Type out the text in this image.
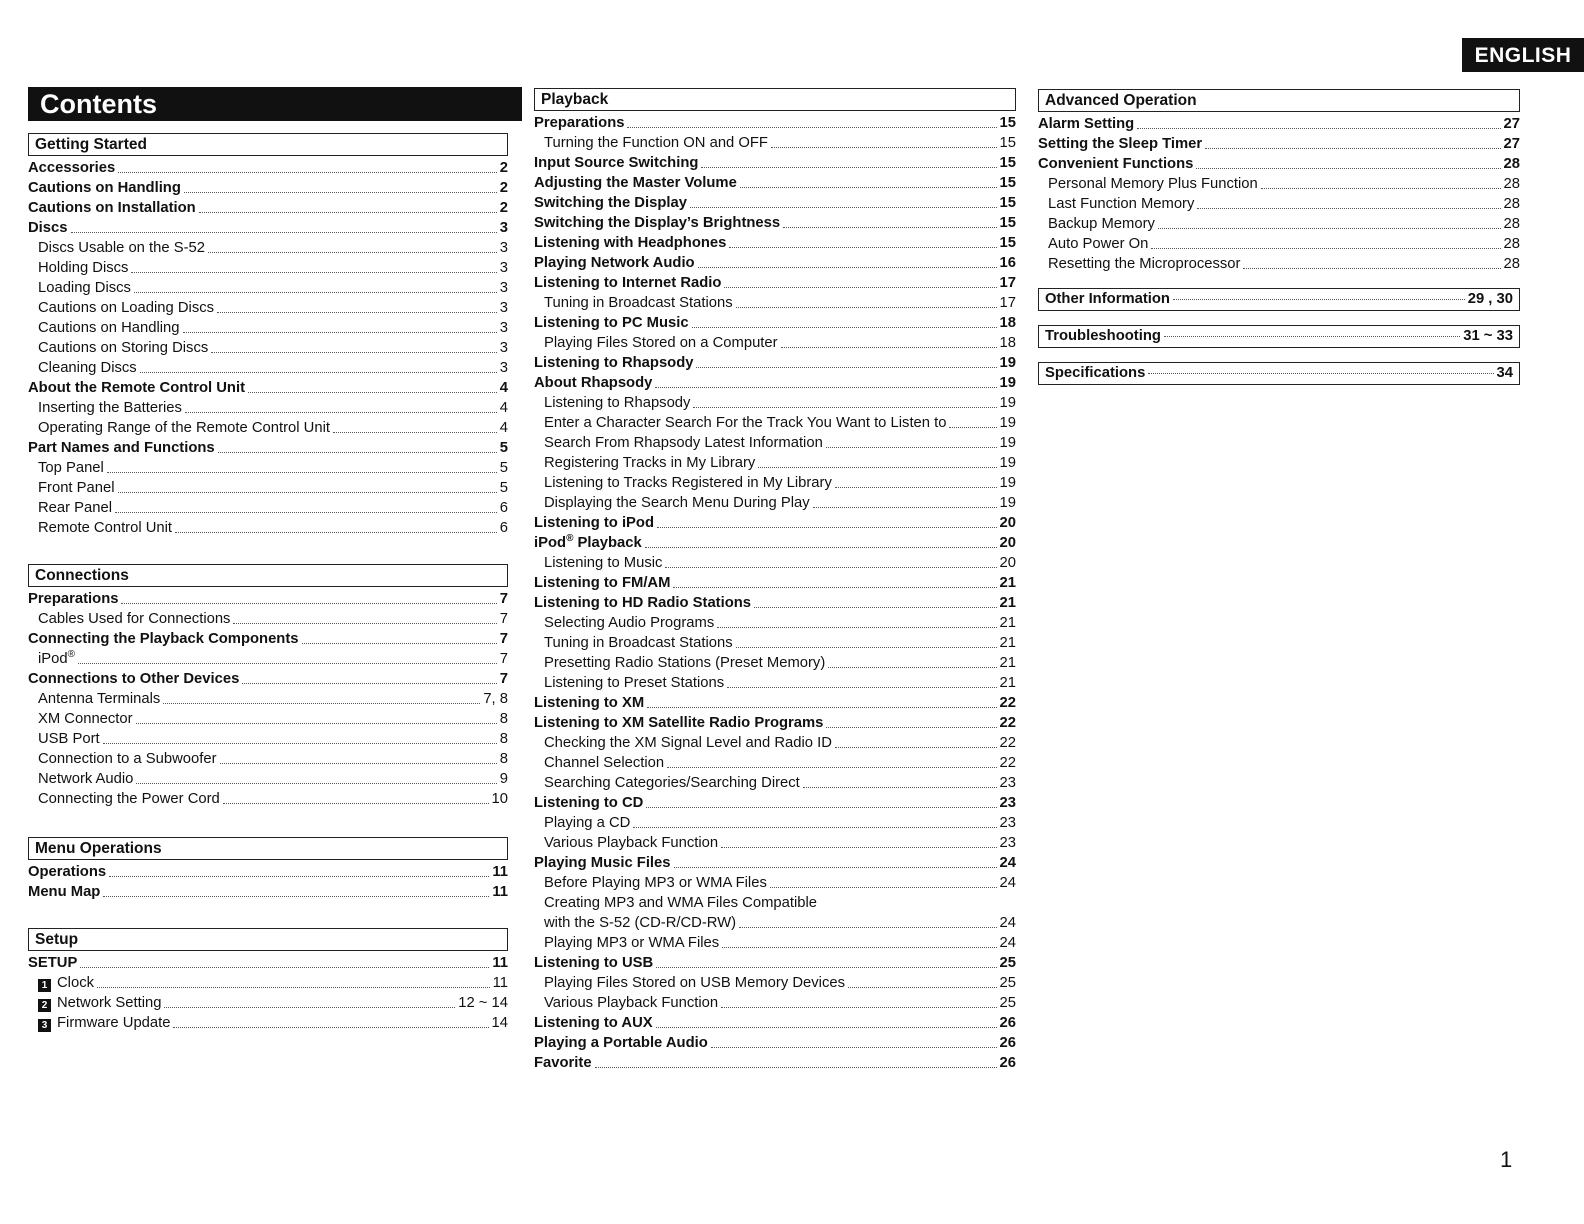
ENGLISH
Contents
Getting Started
Accessories	2
Cautions on Handling	2
Cautions on Installation	2
Discs	3
Discs Usable on the S-52	3
Holding Discs	3
Loading Discs	3
Cautions on Loading Discs	3
Cautions on Handling	3
Cautions on Storing Discs	3
Cleaning Discs	3
About the Remote Control Unit	4
Inserting the Batteries	4
Operating Range of the Remote Control Unit	4
Part Names and Functions	5
Top Panel	5
Front Panel	5
Rear Panel	6
Remote Control Unit	6
Connections
Preparations	7
Cables Used for Connections	7
Connecting the Playback Components	7
iPod®	7
Connections to Other Devices	7
Antenna Terminals	7, 8
XM Connector	8
USB Port	8
Connection to a Subwoofer	8
Network Audio	9
Connecting the Power Cord	10
Menu Operations
Operations	11
Menu Map	11
Setup
SETUP	11
1 Clock	11
2 Network Setting	12 ~ 14
3 Firmware Update	14
Playback
Preparations	15
Turning the Function ON and OFF	15
Input Source Switching	15
Adjusting the Master Volume	15
Switching the Display	15
Switching the Display’s Brightness	15
Listening with Headphones	15
Playing Network Audio	16
Listening to Internet Radio	17
Tuning in Broadcast Stations	17
Listening to PC Music	18
Playing Files Stored on a Computer	18
Listening to Rhapsody	19
About Rhapsody	19
Listening to Rhapsody	19
Enter a Character Search For the Track You Want to Listen to	19
Search From Rhapsody Latest Information	19
Registering Tracks in My Library	19
Listening to Tracks Registered in My Library	19
Displaying the Search Menu During Play	19
Listening to iPod	20
iPod® Playback	20
Listening to Music	20
Listening to FM/AM	21
Listening to HD Radio Stations	21
Selecting Audio Programs	21
Tuning in Broadcast Stations	21
Presetting Radio Stations (Preset Memory)	21
Listening to Preset Stations	21
Listening to XM	22
Listening to XM Satellite Radio Programs	22
Checking the XM Signal Level and Radio ID	22
Channel Selection	22
Searching Categories/Searching Direct	23
Listening to CD	23
Playing a CD	23
Various Playback Function	23
Playing Music Files	24
Before Playing MP3 or WMA Files	24
Creating MP3 and WMA Files Compatible
with the S-52 (CD-R/CD-RW)	24
Playing MP3 or WMA Files	24
Listening to USB	25
Playing Files Stored on USB Memory Devices	25
Various Playback Function	25
Listening to AUX	26
Playing a Portable Audio	26
Favorite	26
Advanced Operation
Alarm Setting	27
Setting the Sleep Timer	27
Convenient Functions	28
Personal Memory Plus Function	28
Last Function Memory	28
Backup Memory	28
Auto Power On	28
Resetting the Microprocessor	28
Other Information	29 , 30
Troubleshooting	31 ~ 33
Specifications	34
1
